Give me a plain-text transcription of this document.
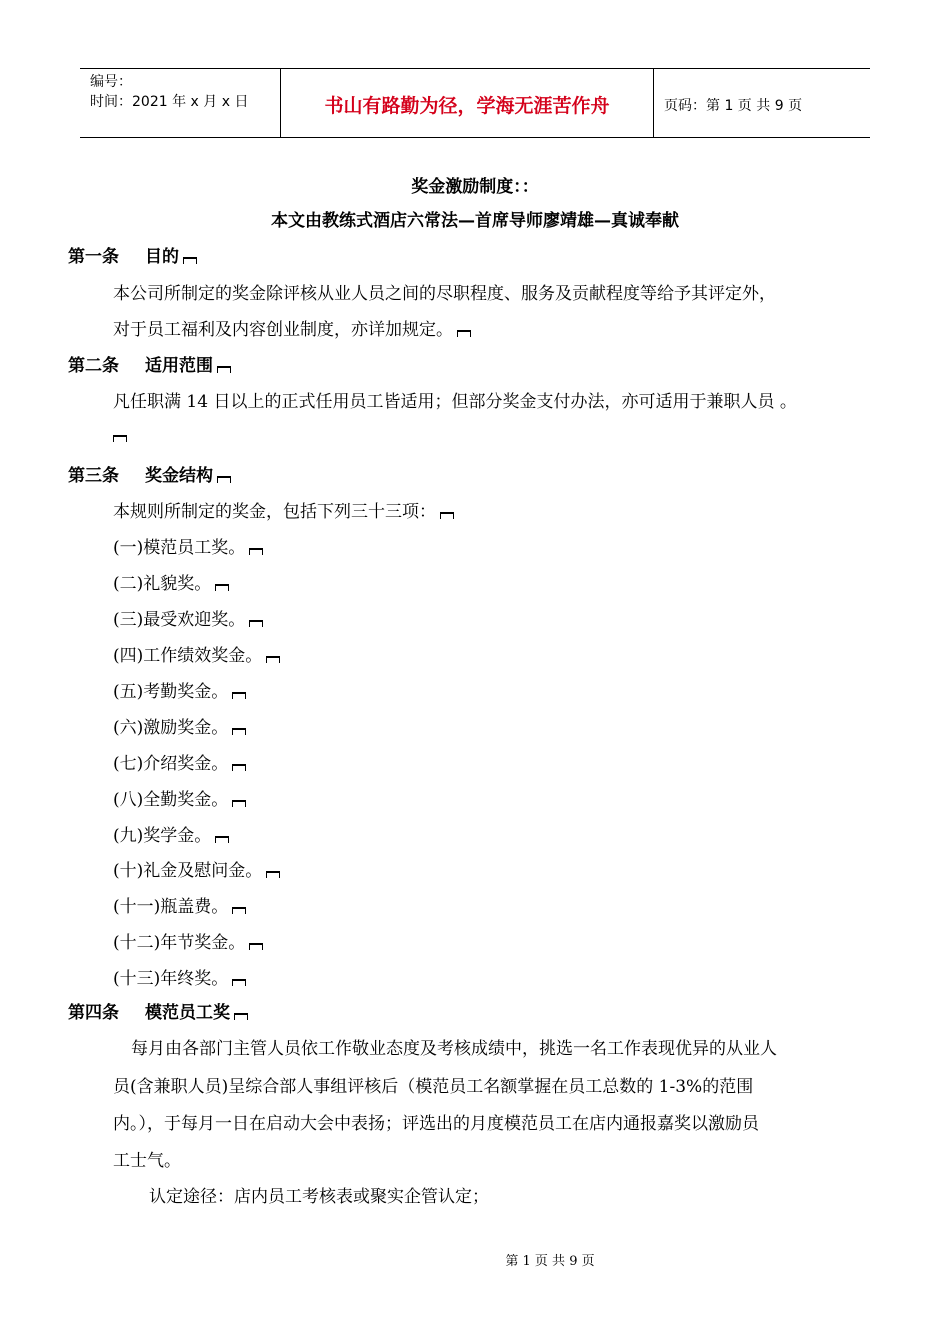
编号：
时间：2021 年 x 月 x 日	书山有路勤为径，学海无涯苦作舟	页码：第 1 页 共 9 页
奖金激励制度：：
本文由教练式酒店六常法—首席导师廖靖雄—真诚奉献
第一条 目的
本公司所制定的奖金除评核从业人员之间的尽职程度、服务及贡献程度等给予其评定外，
对于员工福利及内容创业制度，亦详加规定。
第二条 适用范围
凡任职满 14 日以上的正式任用员工皆适用；但部分奖金支付办法，亦可适用于兼职人员 。
第三条 奖金结构
本规则所制定的奖金，包括下列三十三项：
(一)模范员工奖。
(二)礼貌奖。
(三)最受欢迎奖。
(四)工作绩效奖金。
(五)考勤奖金。
(六)激励奖金。
(七)介绍奖金。
(八)全勤奖金。
(九)奖学金。
(十)礼金及慰问金。
(十一)瓶盖费。
(十二)年节奖金。
(十三)年终奖。
第四条 模范员工奖
每月由各部门主管人员依工作敬业态度及考核成绩中，挑选一名工作表现优异的从业人
员(含兼职人员)呈综合部人事组评核后（模范员工名额掌握在员工总数的 1-3%的范围
内。），于每月一日在启动大会中表扬；评选出的月度模范员工在店内通报嘉奖以激励员
工士气。
认定途径：店内员工考核表或聚实企管认定；
第 1 页 共 9 页
